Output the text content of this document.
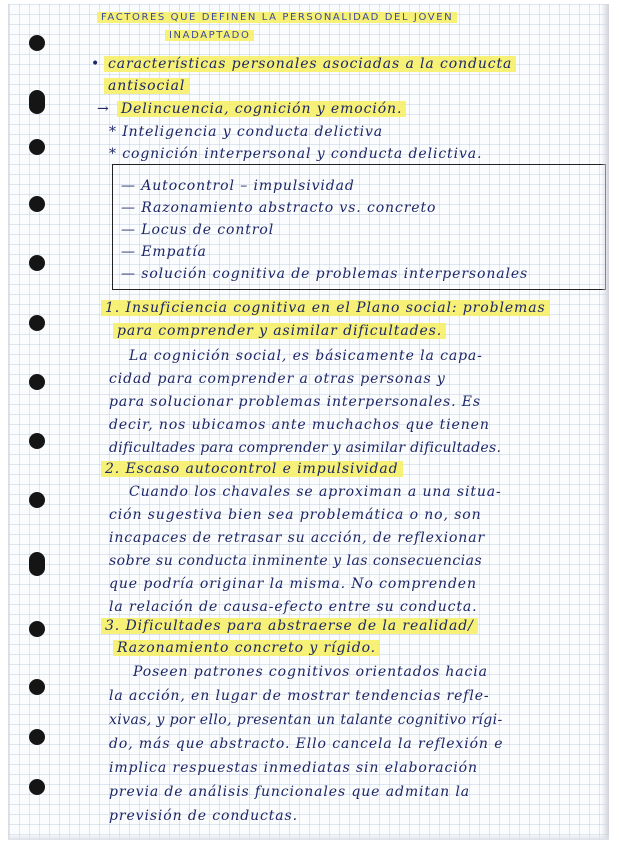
FACTORES QUE DEFINEN LA PERSONALIDAD DEL JOVEN
INADAPTADO
• características personales asociadas a la conducta
antisocial
→ Delincuencia, cognición y emoción.
* Inteligencia y conducta delictiva
* cognición interpersonal y conducta delictiva.
— Autocontrol – impulsividad
— Razonamiento abstracto vs. concreto
— Locus de control
— Empatía
— solución cognitiva de problemas interpersonales
1. Insuficiencia cognitiva en el Plano social: problemas
para comprender y asimilar dificultades.
La cognición social, es básicamente la capa-
cidad para comprender a otras personas y
para solucionar problemas interpersonales. Es
decir, nos ubicamos ante muchachos que tienen
dificultades para comprender y asimilar dificultades.
2. Escaso autocontrol e impulsividad
Cuando los chavales se aproximan a una situa-
ción sugestiva bien sea problemática o no, son
incapaces de retrasar su acción, de reflexionar
sobre su conducta inminente y las consecuencias
que podría originar la misma. No comprenden
la relación de causa-efecto entre su conducta.
3. Dificultades para abstraerse de la realidad/
Razonamiento concreto y rígido.
Poseen patrones cognitivos orientados hacia
la acción, en lugar de mostrar tendencias refle-
xivas, y por ello, presentan un talante cognitivo rígi-
do, más que abstracto. Ello cancela la reflexión e
implica respuestas inmediatas sin elaboración
previa de análisis funcionales que admitan la
previsión de conductas.
